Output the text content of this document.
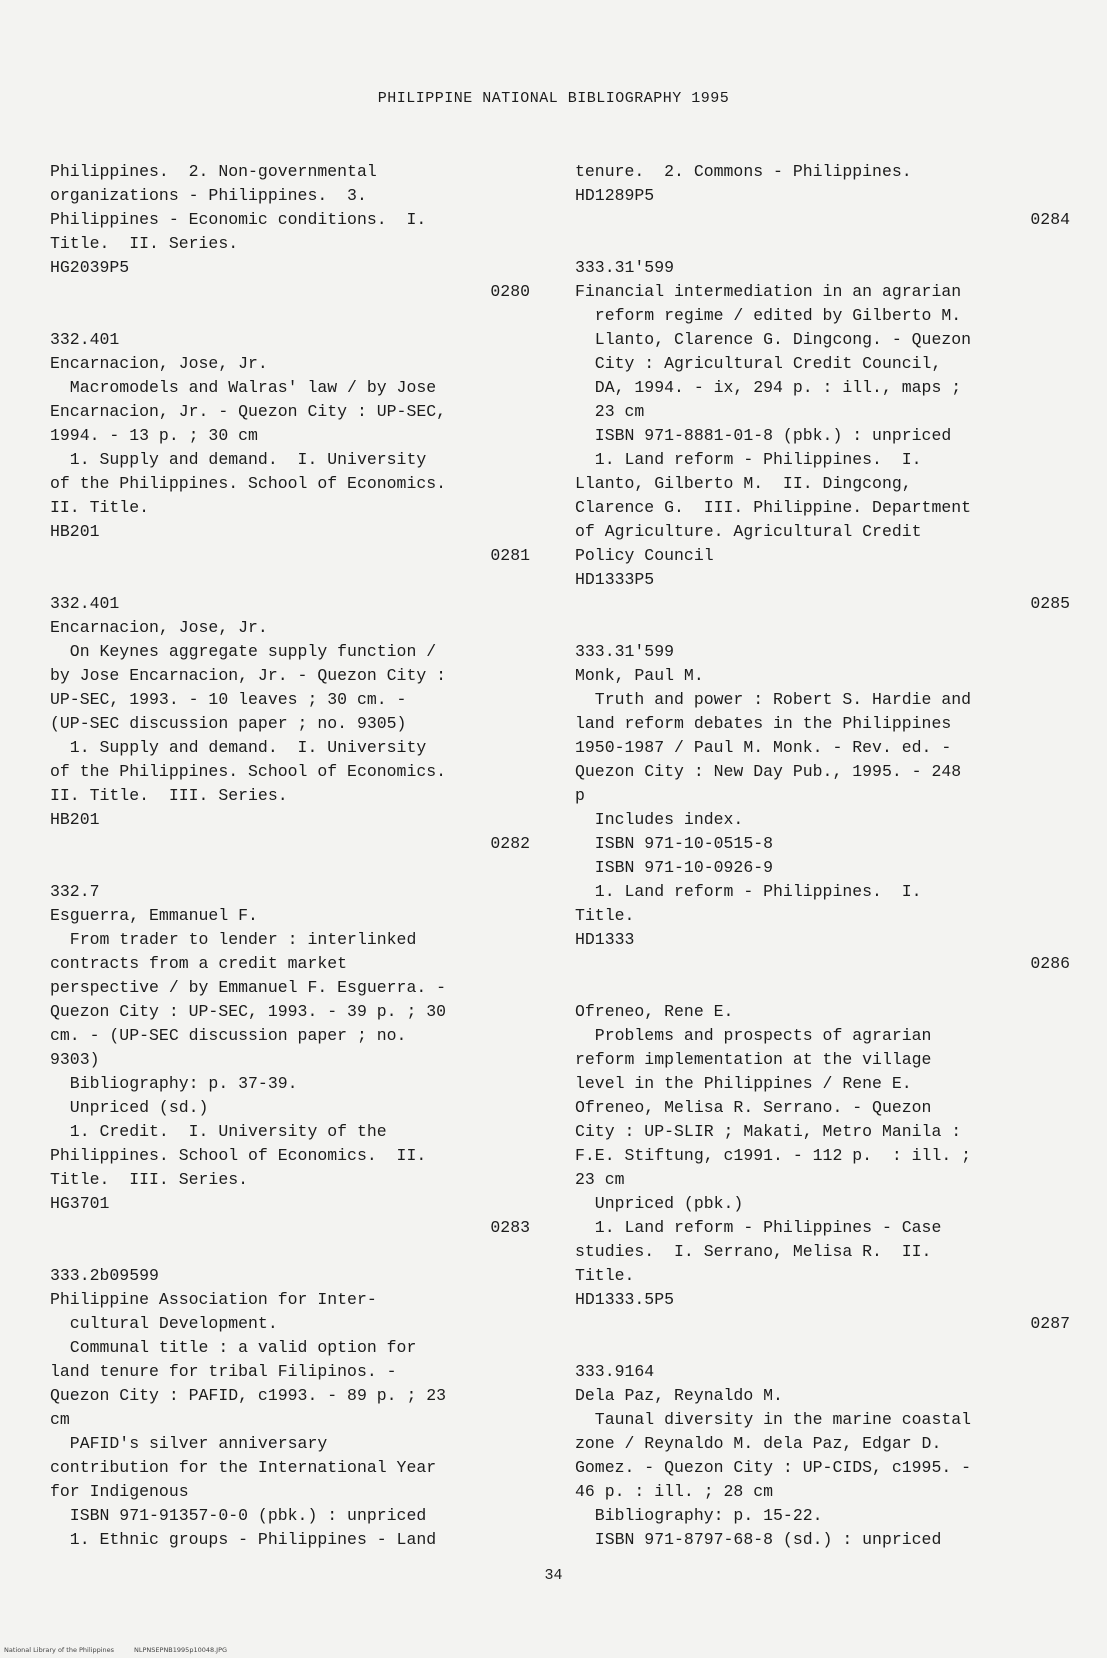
PHILIPPINE NATIONAL BIBLIOGRAPHY 1995
Philippines.  2. Non-governmental
organizations - Philippines.  3.
Philippines - Economic conditions.  I.
Title.  II. Series.
HG2039P5
0280
332.401
Encarnacion, Jose, Jr.
Macromodels and Walras' law / by Jose
Encarnacion, Jr. - Quezon City : UP-SEC,
1994. - 13 p. ; 30 cm
1. Supply and demand.  I. University
of the Philippines. School of Economics.
II. Title.
HB201
0281
332.401
Encarnacion, Jose, Jr.
On Keynes aggregate supply function /
by Jose Encarnacion, Jr. - Quezon City :
UP-SEC, 1993. - 10 leaves ; 30 cm. -
(UP-SEC discussion paper ; no. 9305)
1. Supply and demand.  I. University
of the Philippines. School of Economics.
II. Title.  III. Series.
HB201
0282
332.7
Esguerra, Emmanuel F.
From trader to lender : interlinked
contracts from a credit market
perspective / by Emmanuel F. Esguerra. -
Quezon City : UP-SEC, 1993. - 39 p. ; 30
cm. - (UP-SEC discussion paper ; no.
9303)
Bibliography: p. 37-39.
Unpriced (sd.)
1. Credit.  I. University of the
Philippines. School of Economics.  II.
Title.  III. Series.
HG3701
0283
333.2b09599
Philippine Association for Inter-
cultural Development.
Communal title : a valid option for
land tenure for tribal Filipinos. -
Quezon City : PAFID, c1993. - 89 p. ; 23
cm
PAFID's silver anniversary
contribution for the International Year
for Indigenous
ISBN 971-91357-0-0 (pbk.) : unpriced
1. Ethnic groups - Philippines - Land
tenure.  2. Commons - Philippines.
HD1289P5
0284
333.31'599
Financial intermediation in an agrarian
reform regime / edited by Gilberto M.
Llanto, Clarence G. Dingcong. - Quezon
City : Agricultural Credit Council,
DA, 1994. - ix, 294 p. : ill., maps ;
23 cm
ISBN 971-8881-01-8 (pbk.) : unpriced
1. Land reform - Philippines.  I.
Llanto, Gilberto M.  II. Dingcong,
Clarence G.  III. Philippine. Department
of Agriculture. Agricultural Credit
Policy Council
HD1333P5
0285
333.31'599
Monk, Paul M.
Truth and power : Robert S. Hardie and
land reform debates in the Philippines
1950-1987 / Paul M. Monk. - Rev. ed. -
Quezon City : New Day Pub., 1995. - 248
p
Includes index.
ISBN 971-10-0515-8
ISBN 971-10-0926-9
1. Land reform - Philippines.  I.
Title.
HD1333
0286
Ofreneo, Rene E.
Problems and prospects of agrarian
reform implementation at the village
level in the Philippines / Rene E.
Ofreneo, Melisa R. Serrano. - Quezon
City : UP-SLIR ; Makati, Metro Manila :
F.E. Stiftung, c1991. - 112 p.  : ill. ;
23 cm
Unpriced (pbk.)
1. Land reform - Philippines - Case
studies.  I. Serrano, Melisa R.  II.
Title.
HD1333.5P5
0287
333.9164
Dela Paz, Reynaldo M.
Taunal diversity in the marine coastal
zone / Reynaldo M. dela Paz, Edgar D.
Gomez. - Quezon City : UP-CIDS, c1995. -
46 p. : ill. ; 28 cm
Bibliography: p. 15-22.
ISBN 971-8797-68-8 (sd.) : unpriced
34
National Library of the Philippines	NLPNSEPNB1995p10048.JPG
